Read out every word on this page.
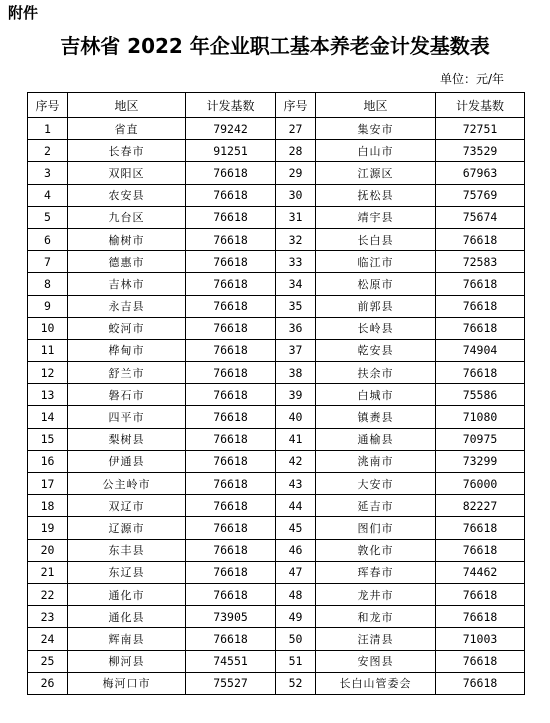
附件
吉林省 2022 年企业职工基本养老金计发基数表
单位：元/年
序号	地区	计发基数	序号	地区	计发基数
1	省直	79242	27	集安市	72751
2	长春市	91251	28	白山市	73529
3	双阳区	76618	29	江源区	67963
4	农安县	76618	30	抚松县	75769
5	九台区	76618	31	靖宇县	75674
6	榆树市	76618	32	长白县	76618
7	德惠市	76618	33	临江市	72583
8	吉林市	76618	34	松原市	76618
9	永吉县	76618	35	前郭县	76618
10	蛟河市	76618	36	长岭县	76618
11	桦甸市	76618	37	乾安县	74904
12	舒兰市	76618	38	扶余市	76618
13	磐石市	76618	39	白城市	75586
14	四平市	76618	40	镇赉县	71080
15	梨树县	76618	41	通榆县	70975
16	伊通县	76618	42	洮南市	73299
17	公主岭市	76618	43	大安市	76000
18	双辽市	76618	44	延吉市	82227
19	辽源市	76618	45	图们市	76618
20	东丰县	76618	46	敦化市	76618
21	东辽县	76618	47	珲春市	74462
22	通化市	76618	48	龙井市	76618
23	通化县	73905	49	和龙市	76618
24	辉南县	76618	50	汪清县	71003
25	柳河县	74551	51	安图县	76618
26	梅河口市	75527	52	长白山管委会	76618
